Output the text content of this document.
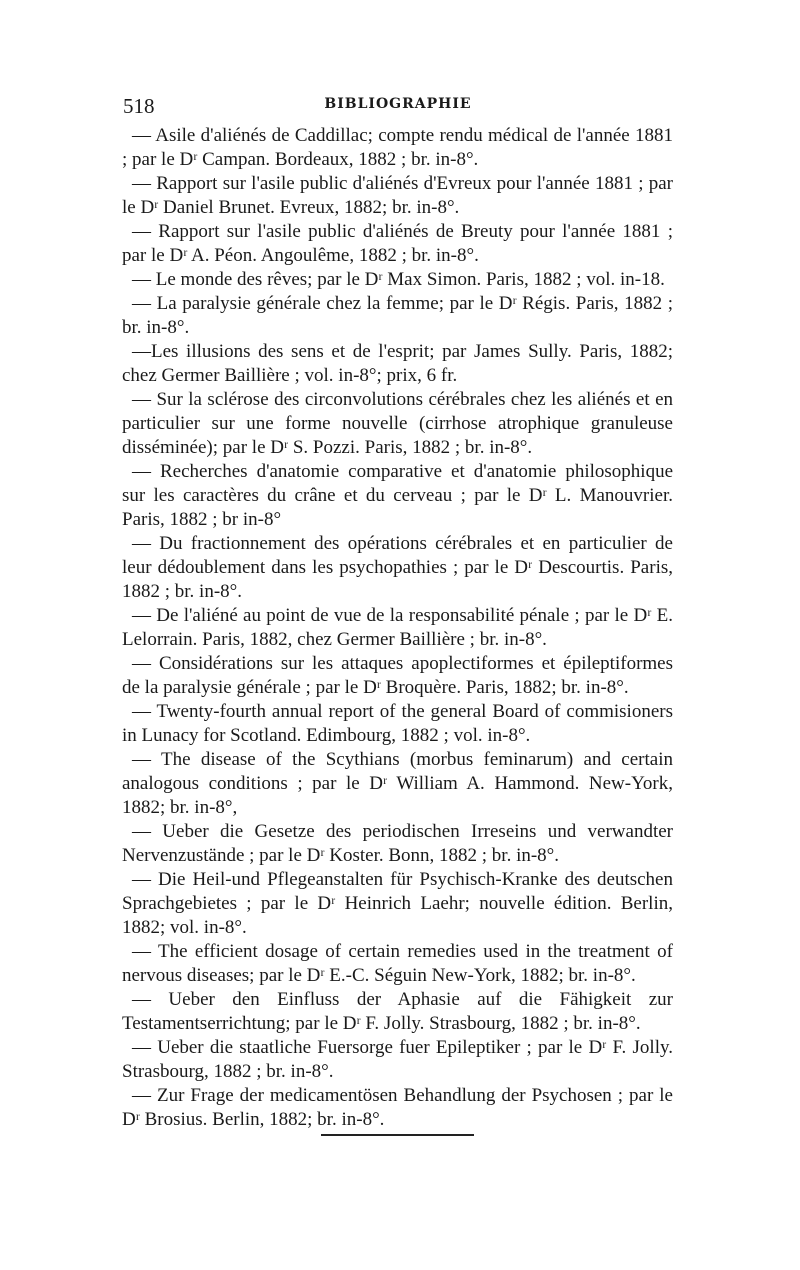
518	BIBLIOGRAPHIE

— Asile d'aliénés de Caddillac; compte rendu médical de l'année 1881 ; par le Dʳ Campan. Bordeaux, 1882 ; br. in-8°.

— Rapport sur l'asile public d'aliénés d'Evreux pour l'année 1881 ; par le Dʳ Daniel Brunet. Evreux, 1882; br. in-8°.

— Rapport sur l'asile public d'aliénés de Breuty pour l'année 1881 ; par le Dʳ A. Péon. Angoulême, 1882 ; br. in-8°.

— Le monde des rêves; par le Dʳ Max Simon. Paris, 1882 ; vol. in-18.

— La paralysie générale chez la femme; par le Dʳ Régis. Paris, 1882 ; br. in-8°.

—Les illusions des sens et de l'esprit; par James Sully. Paris, 1882; chez Germer Baillière ; vol. in-8°; prix, 6 fr.

— Sur la sclérose des circonvolutions cérébrales chez les aliénés et en particulier sur une forme nouvelle (cirrhose atrophique granuleuse disséminée); par le Dʳ S. Pozzi. Paris, 1882 ; br. in-8°.

— Recherches d'anatomie comparative et d'anatomie philosophique sur les caractères du crâne et du cerveau ; par le Dʳ L. Manouvrier. Paris, 1882 ; br in-8°

— Du fractionnement des opérations cérébrales et en particulier de leur dédoublement dans les psychopathies ; par le Dʳ Descourtis. Paris, 1882 ; br. in-8°.

— De l'aliéné au point de vue de la responsabilité pénale ; par le Dʳ E. Lelorrain. Paris, 1882, chez Germer Baillière ; br. in-8°.

— Considérations sur les attaques apoplectiformes et épileptiformes de la paralysie générale ; par le Dʳ Broquère. Paris, 1882; br. in-8°.

— Twenty-fourth annual report of the general Board of commisioners in Lunacy for Scotland. Edimbourg, 1882 ; vol. in-8°.

— The disease of the Scythians (morbus feminarum) and certain analogous conditions ; par le Dʳ William A. Hammond. New-York, 1882; br. in-8°,

— Ueber die Gesetze des periodischen Irreseins und verwandter Nervenzustände ; par le Dʳ Koster. Bonn, 1882 ; br. in-8°.

— Die Heil-und Pflegeanstalten für Psychisch-Kranke des deutschen Sprachgebietes ; par le Dʳ Heinrich Laehr; nouvelle édition. Berlin, 1882; vol. in-8°.

— The efficient dosage of certain remedies used in the treatment of nervous diseases; par le Dʳ E.-C. Séguin New-York, 1882; br. in-8°.

— Ueber den Einfluss der Aphasie auf die Fähigkeit zur Testamentserrichtung; par le Dʳ F. Jolly. Strasbourg, 1882 ; br. in-8°.

— Ueber die staatliche Fuersorge fuer Epileptiker ; par le Dʳ F. Jolly. Strasbourg, 1882 ; br. in-8°.

— Zur Frage der medicamentösen Behandlung der Psychosen ; par le Dʳ Brosius. Berlin, 1882; br. in-8°.
